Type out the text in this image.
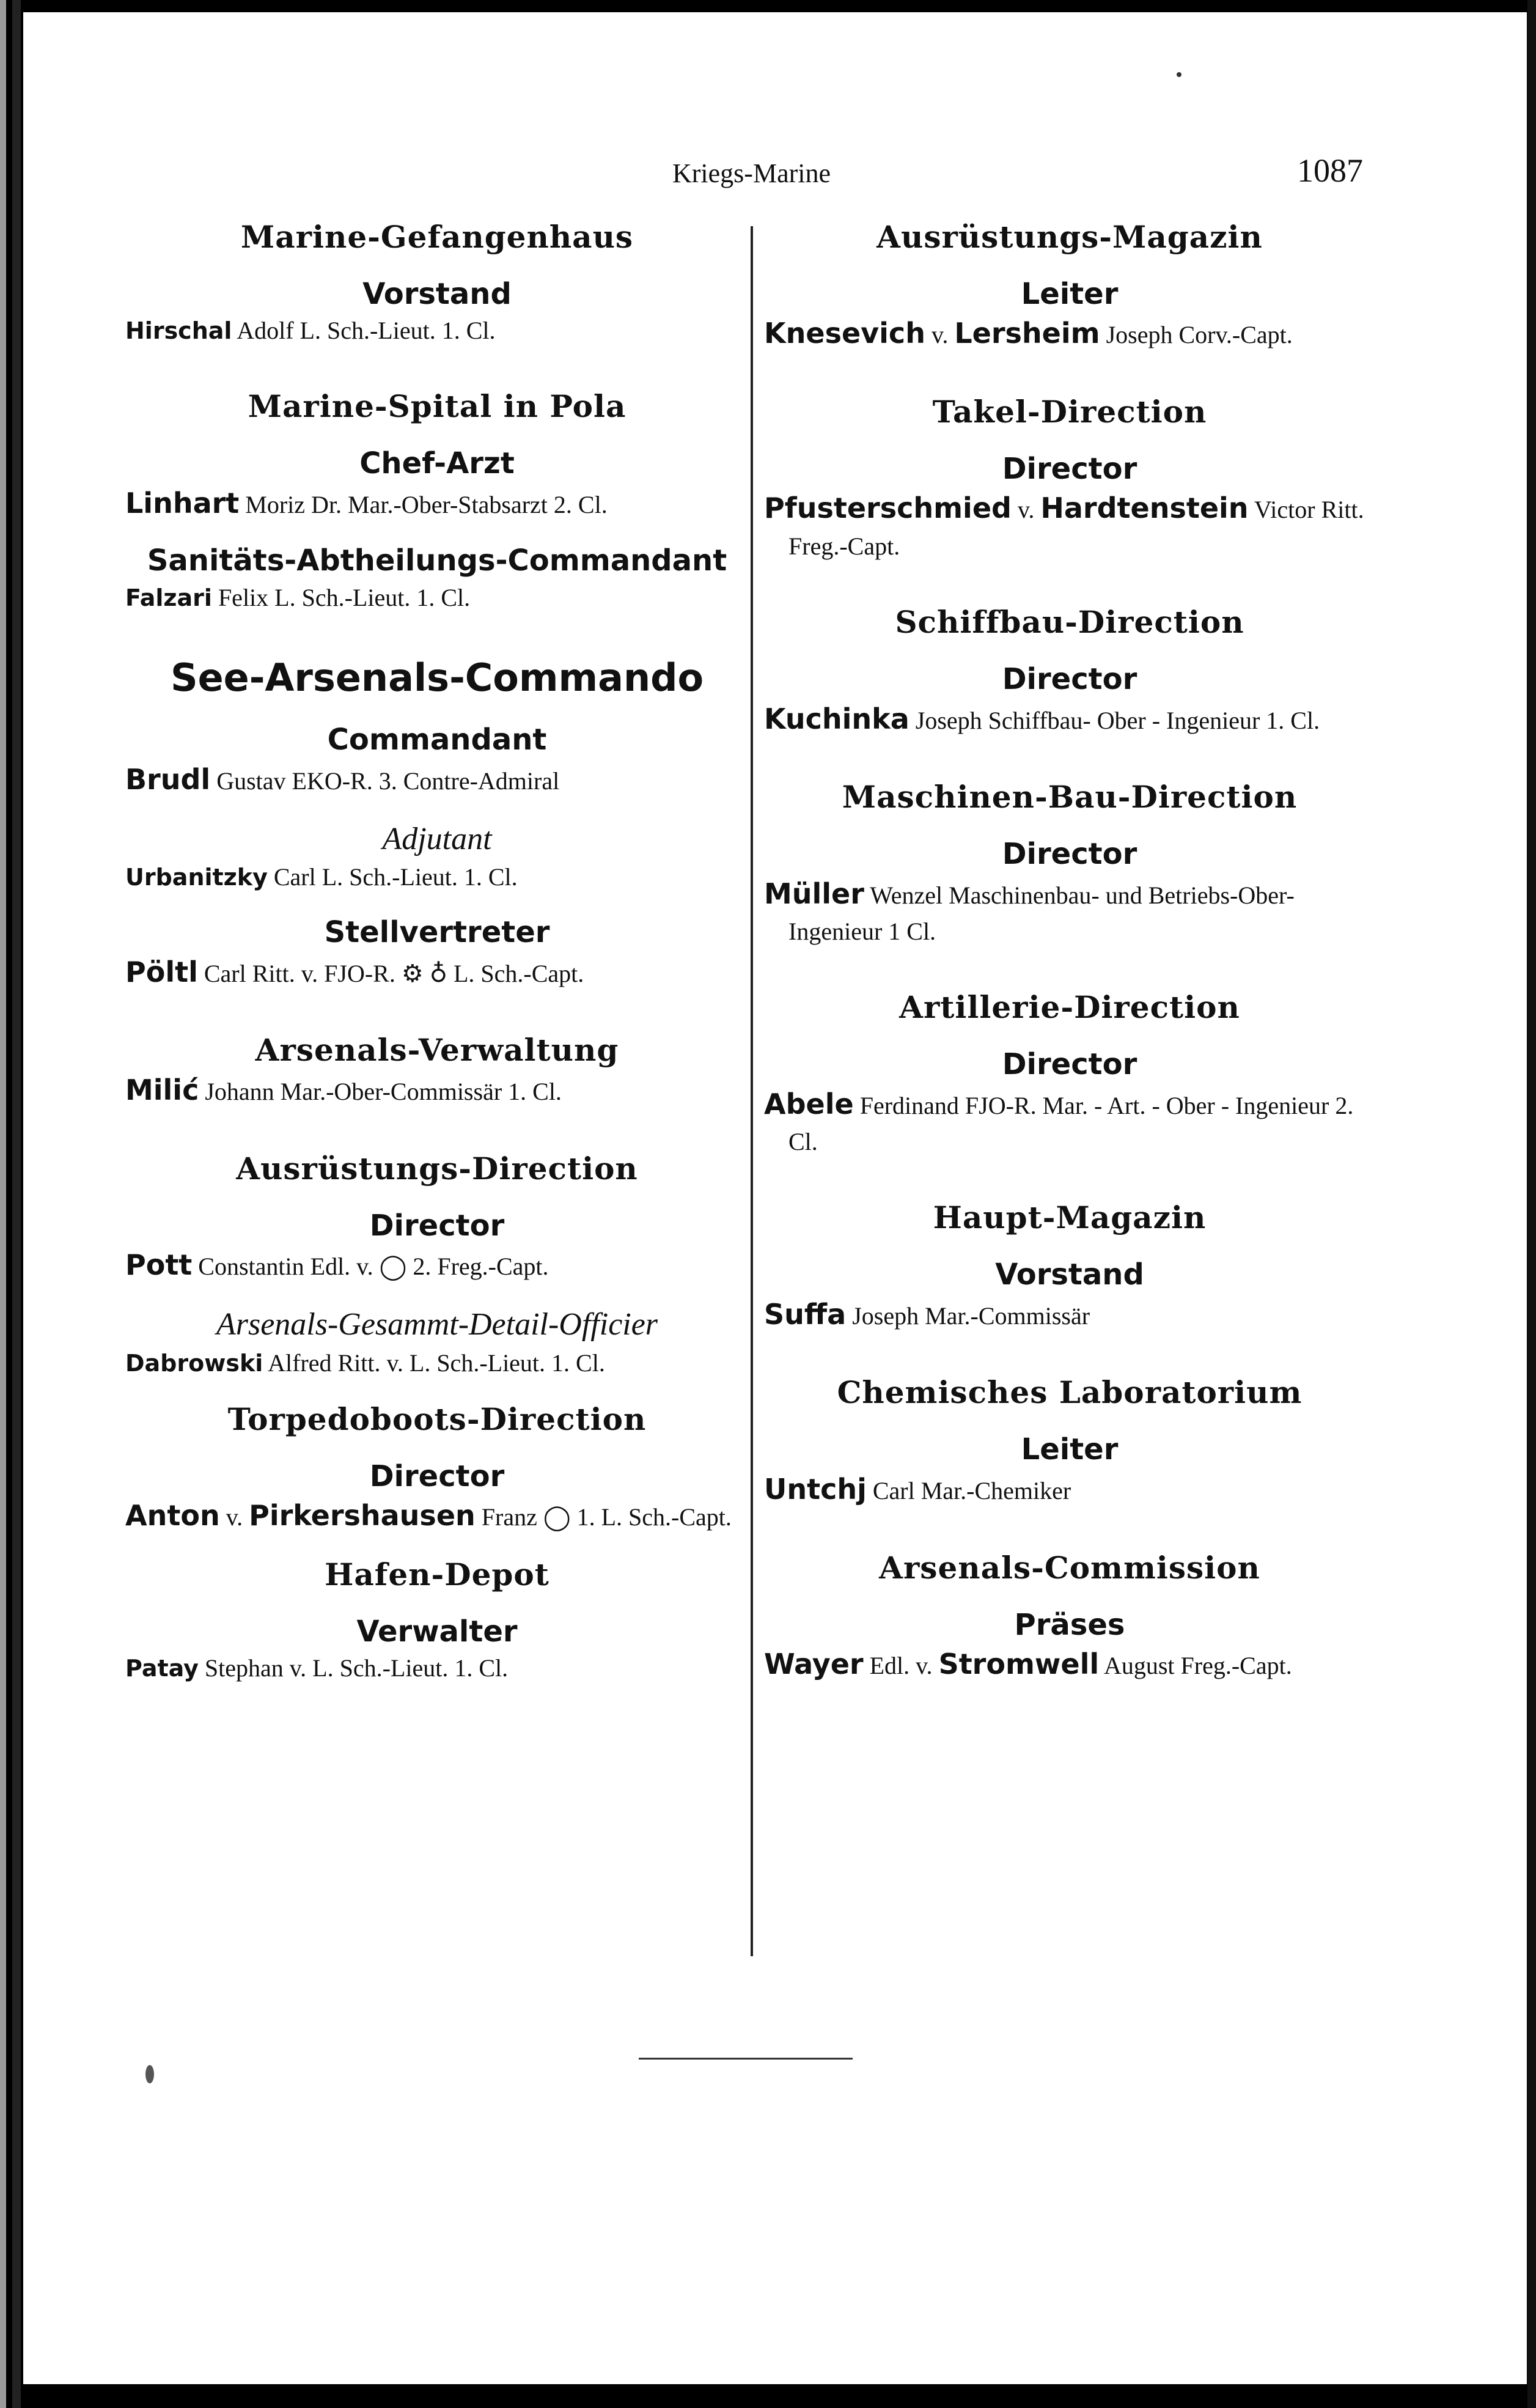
Kriegs-Marine	1087
Marine-Gefangenhaus
Vorstand

Hirschal Adolf L. Sch.-Lieut. 1. Cl.

Marine-Spital in Pola
Chef-Arzt

Linhart Moriz Dr. Mar.-Ober-Stabsarzt 2. Cl.

Sanitäts-Abtheilungs-Commandant

Falzari Felix L. Sch.-Lieut. 1. Cl.

See-Arsenals-Commando
Commandant

Brudl Gustav EKO-R. 3. Contre-Admiral

Adjutant

Urbanitzky Carl L. Sch.-Lieut. 1. Cl.

Stellvertreter

Pöltl Carl Ritt. v. FJO-R. ⚙ ♁ L. Sch.-Capt.

Arsenals-Verwaltung

Milić Johann Mar.-Ober-Commissär 1. Cl.

Ausrüstungs-Direction
Director

Pott Constantin Edl. v. ◯ 2. Freg.-Capt.

Arsenals-Gesammt-Detail-Officier

Dabrowski Alfred Ritt. v. L. Sch.-Lieut. 1. Cl.

Torpedoboots-Direction
Director

Anton v. Pirkershausen Franz ◯ 1. L. Sch.-Capt.

Hafen-Depot
Verwalter

Patay Stephan v. L. Sch.-Lieut. 1. Cl.

Ausrüstungs-Magazin
Leiter

Knesevich v. Lersheim Joseph Corv.-Capt.

Takel-Direction
Director

Pfusterschmied v. Hardtenstein Victor Ritt. Freg.-Capt.

Schiffbau-Direction
Director

Kuchinka Joseph Schiffbau- Ober - Ingenieur 1. Cl.

Maschinen-Bau-Direction
Director

Müller Wenzel Maschinenbau- und Betriebs-Ober-Ingenieur 1 Cl.

Artillerie-Direction
Director

Abele Ferdinand FJO-R. Mar. - Art. - Ober - Ingenieur 2. Cl.

Haupt-Magazin
Vorstand

Suffa Joseph Mar.-Commissär

Chemisches Laboratorium
Leiter

Untchj Carl Mar.-Chemiker

Arsenals-Commission
Präses

Wayer Edl. v. Stromwell August Freg.-Capt.
